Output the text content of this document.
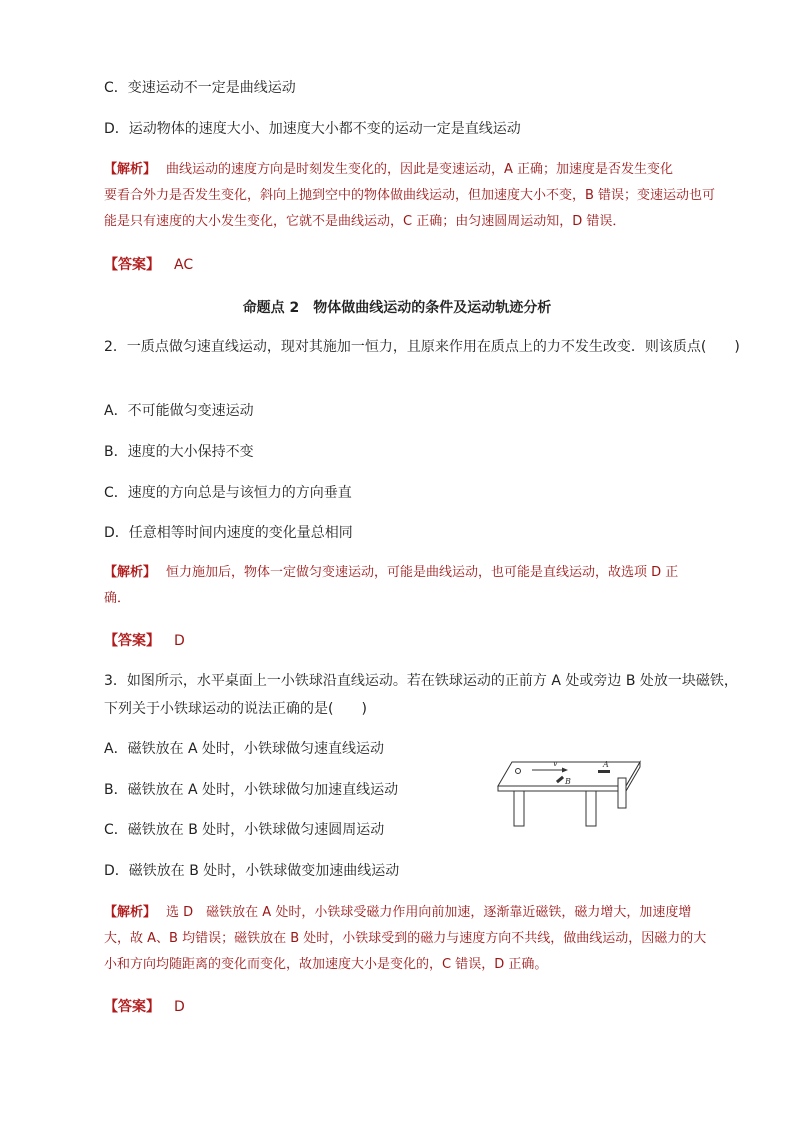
C．变速运动不一定是曲线运动
D．运动物体的速度大小、加速度大小都不变的运动一定是直线运动
【解析】 曲线运动的速度方向是时刻发生变化的，因此是变速运动，A 正确；加速度是否发生变化
要看合外力是否发生变化，斜向上抛到空中的物体做曲线运动，但加速度大小不变，B 错误；变速运动也可
能是只有速度的大小发生变化，它就不是曲线运动，C 正确；由匀速圆周运动知，D 错误．
【答案】 AC
命题点 2　物体做曲线运动的条件及运动轨迹分析
2．一质点做匀速直线运动，现对其施加一恒力，且原来作用在质点上的力不发生改变．则该质点(　　)
A．不可能做匀变速运动
B．速度的大小保持不变
C．速度的方向总是与该恒力的方向垂直
D．任意相等时间内速度的变化量总相同
【解析】 恒力施加后，物体一定做匀变速运动，可能是曲线运动，也可能是直线运动，故选项 D 正
确．
【答案】 D
3．如图所示，水平桌面上一小铁球沿直线运动。若在铁球运动的正前方 A 处或旁边 B 处放一块磁铁，
下列关于小铁球运动的说法正确的是(　　)
A．磁铁放在 A 处时，小铁球做匀速直线运动
B．磁铁放在 A 处时，小铁球做匀加速直线运动
C．磁铁放在 B 处时，小铁球做匀速圆周运动
D．磁铁放在 B 处时，小铁球做变加速曲线运动
v	A
B
【解析】 选 D　磁铁放在 A 处时，小铁球受磁力作用向前加速，逐渐靠近磁铁，磁力增大，加速度增
大，故 A、B 均错误；磁铁放在 B 处时，小铁球受到的磁力与速度方向不共线，做曲线运动，因磁力的大
小和方向均随距离的变化而变化，故加速度大小是变化的，C 错误，D 正确。
【答案】 D
